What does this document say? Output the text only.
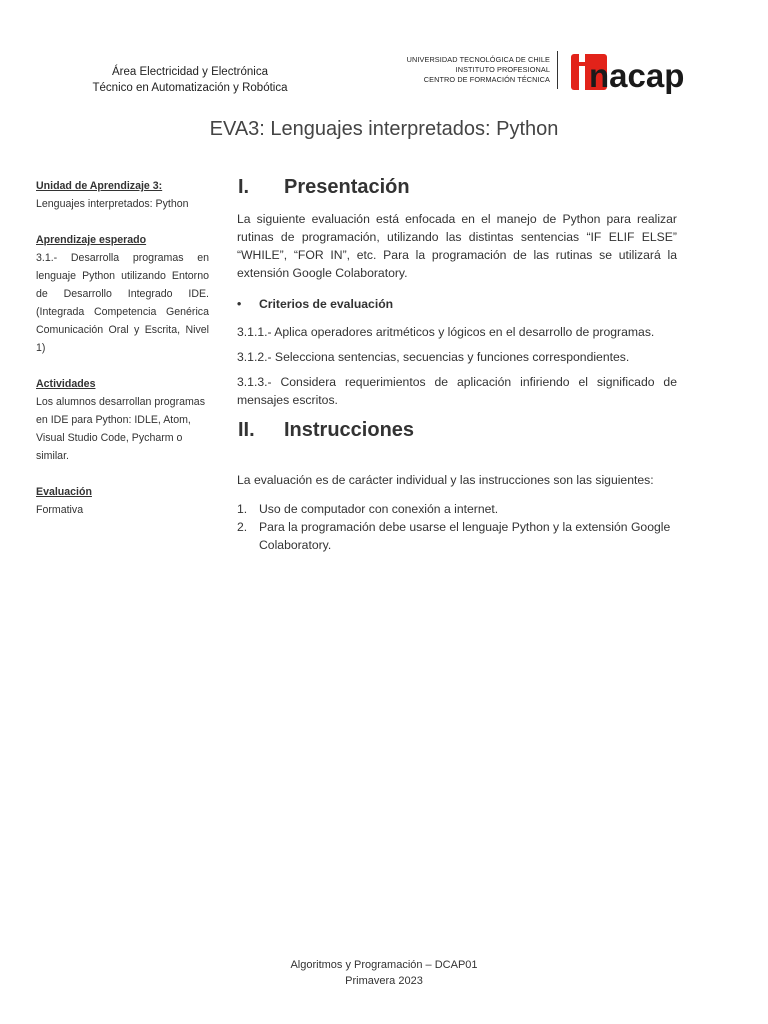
Área Electricidad y Electrónica
Técnico en Automatización y Robótica
UNIVERSIDAD TECNOLÓGICA DE CHILE
INSTITUTO PROFESIONAL
CENTRO DE FORMACIÓN TÉCNICA nacap
EVA3: Lenguajes interpretados: Python
Unidad de Aprendizaje 3:
Lenguajes interpretados: Python
Aprendizaje esperado
3.1.- Desarrolla programas en lenguaje Python utilizando Entorno de Desarrollo Integrado IDE. (Integrada Competencia Genérica Comunicación Oral y Escrita, Nivel 1)
Actividades
Los alumnos desarrollan programas en IDE para Python: IDLE, Atom, Visual Studio Code, Pycharm o similar.
Evaluación
Formativa
I. Presentación
La siguiente evaluación está enfocada en el manejo de Python para realizar rutinas de programación, utilizando las distintas sentencias “IF ELIF ELSE” “WHILE”, “FOR IN”, etc. Para la programación de las rutinas se utilizará la extensión Google Colaboratory.
• Criterios de evaluación
3.1.1.- Aplica operadores aritméticos y lógicos en el desarrollo de programas.
3.1.2.- Selecciona sentencias, secuencias y funciones correspondientes.
3.1.3.- Considera requerimientos de aplicación infiriendo el significado de mensajes escritos.
II. Instrucciones
La evaluación es de carácter individual y las instrucciones son las siguientes:
1. Uso de computador con conexión a internet.
2. Para la programación debe usarse el lenguaje Python y la extensión Google Colaboratory.
Algoritmos y Programación – DCAP01
Primavera 2023
